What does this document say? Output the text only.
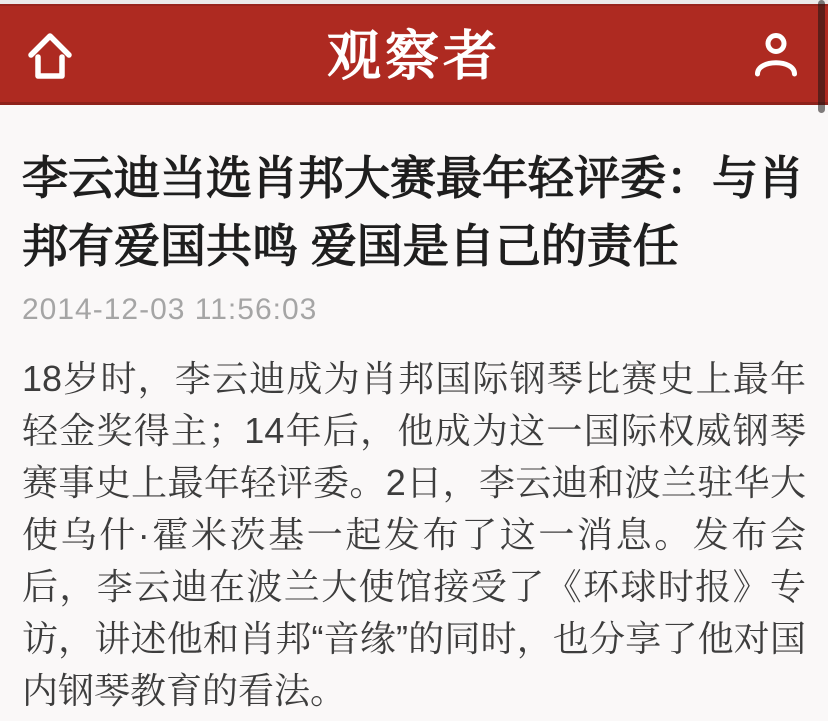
观察者
李云迪当选肖邦大赛最年轻评委：与肖邦有爱国共鸣 爱国是自己的责任
2014-12-03 11:56:03

18岁时，李云迪成为肖邦国际钢琴比赛史上最年轻金奖得主；14年后，他成为这一国际权威钢琴赛事史上最年轻评委。2日，李云迪和波兰驻华大使乌什·霍米茨基一起发布了这一消息。发布会后，李云迪在波兰大使馆接受了《环球时报》专访，讲述他和肖邦“音缘”的同时，也分享了他对国内钢琴教育的看法。
